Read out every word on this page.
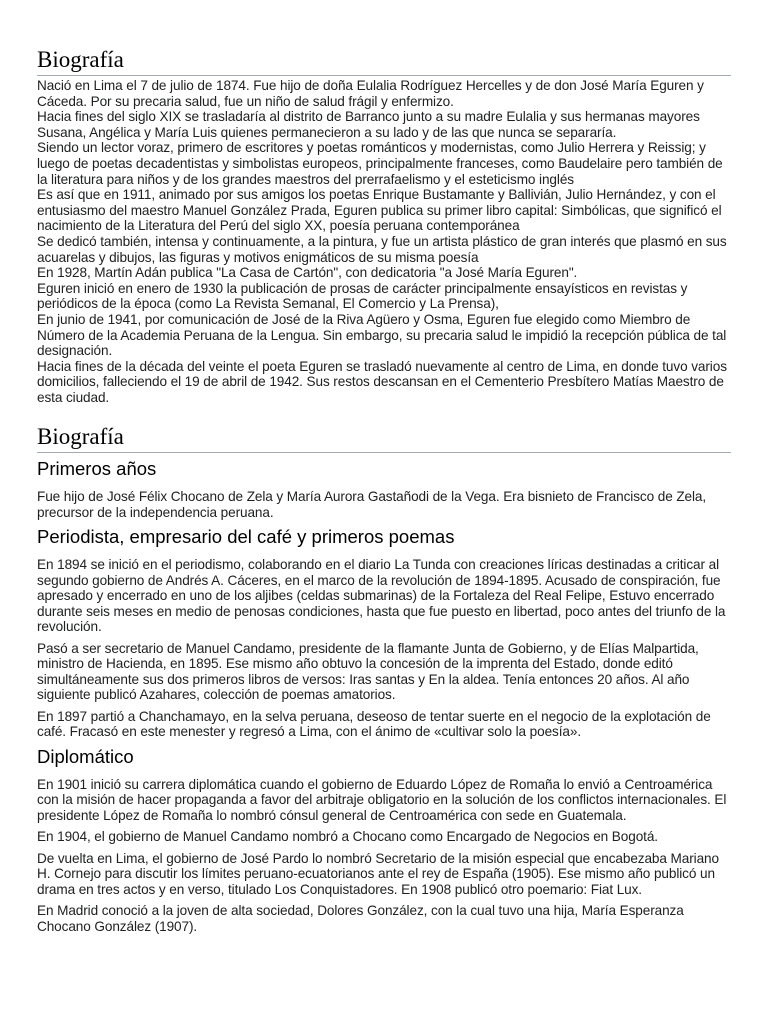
Biografía

Nació en Lima el 7 de julio de 1874. Fue hijo de doña Eulalia Rodríguez Hercelles y de don José María Eguren y Cáceda. Por su precaria salud, fue un niño de salud frágil y enfermizo.

Hacia fines del siglo XIX se trasladaría al distrito de Barranco junto a su madre Eulalia y sus hermanas mayores Susana, Angélica y María Luis quienes permanecieron a su lado y de las que nunca se separaría.

Siendo un lector voraz, primero de escritores y poetas románticos y modernistas, como Julio Herrera y Reissig; y luego de poetas decadentistas y simbolistas europeos, principalmente franceses, como Baudelaire pero también de la literatura para niños y de los grandes maestros del prerrafaelismo y el esteticismo inglés

Es así que en 1911, animado por sus amigos los poetas Enrique Bustamante y Ballivián, Julio Hernández, y con el entusiasmo del maestro Manuel González Prada, Eguren publica su primer libro capital: Simbólicas, que significó el nacimiento de la Literatura del Perú del siglo XX, poesía peruana contemporánea

Se dedicó también, intensa y continuamente, a la pintura, y fue un artista plástico de gran interés que plasmó en sus acuarelas y dibujos, las figuras y motivos enigmáticos de su misma poesía

En 1928, Martín Adán publica "La Casa de Cartón", con dedicatoria "a José María Eguren".

Eguren inició en enero de 1930 la publicación de prosas de carácter principalmente ensayísticos en revistas y periódicos de la época (como La Revista Semanal, El Comercio y La Prensa),

En junio de 1941, por comunicación de José de la Riva Agüero y Osma, Eguren fue elegido como Miembro de Número de la Academia Peruana de la Lengua. Sin embargo, su precaria salud le impidió la recepción pública de tal designación.

Hacia fines de la década del veinte el poeta Eguren se trasladó nuevamente al centro de Lima, en donde tuvo varios domicilios, falleciendo el 19 de abril de 1942. Sus restos descansan en el Cementerio Presbítero Matías Maestro de esta ciudad.

Biografía
Primeros años

Fue hijo de José Félix Chocano de Zela y María Aurora Gastañodi de la Vega. Era bisnieto de Francisco de Zela, precursor de la independencia peruana.

Periodista, empresario del café y primeros poemas

En 1894 se inició en el periodismo, colaborando en el diario La Tunda con creaciones líricas destinadas a criticar al segundo gobierno de Andrés A. Cáceres, en el marco de la revolución de 1894-1895. Acusado de conspiración, fue apresado y encerrado en uno de los aljibes (celdas submarinas) de la Fortaleza del Real Felipe, Estuvo encerrado durante seis meses en medio de penosas condiciones, hasta que fue puesto en libertad, poco antes del triunfo de la revolución.

Pasó a ser secretario de Manuel Candamo, presidente de la flamante Junta de Gobierno, y de Elías Malpartida, ministro de Hacienda, en 1895. Ese mismo año obtuvo la concesión de la imprenta del Estado, donde editó simultáneamente sus dos primeros libros de versos: Iras santas y En la aldea. Tenía entonces 20 años. Al año siguiente publicó Azahares, colección de poemas amatorios.

En 1897 partió a Chanchamayo, en la selva peruana, deseoso de tentar suerte en el negocio de la explotación de café. Fracasó en este menester y regresó a Lima, con el ánimo de «cultivar solo la poesía».

Diplomático

En 1901 inició su carrera diplomática cuando el gobierno de Eduardo López de Romaña lo envió a Centroamérica con la misión de hacer propaganda a favor del arbitraje obligatorio en la solución de los conflictos internacionales. El presidente López de Romaña lo nombró cónsul general de Centroamérica con sede en Guatemala.

En 1904, el gobierno de Manuel Candamo nombró a Chocano como Encargado de Negocios en Bogotá.

De vuelta en Lima, el gobierno de José Pardo lo nombró Secretario de la misión especial que encabezaba Mariano H. Cornejo para discutir los límites peruano-ecuatorianos ante el rey de España (1905). Ese mismo año publicó un drama en tres actos y en verso, titulado Los Conquistadores. En 1908 publicó otro poemario: Fiat Lux.

En Madrid conoció a la joven de alta sociedad, Dolores González, con la cual tuvo una hija, María Esperanza Chocano González (1907).
